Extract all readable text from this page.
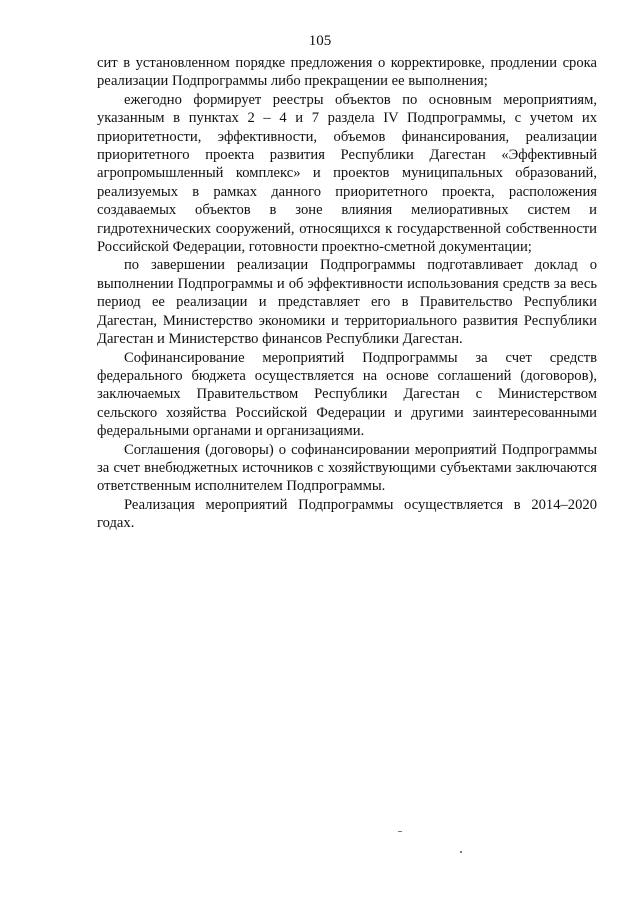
105

сит в установленном порядке предложения о корректировке, продлении срока реализации Подпрограммы либо прекращении ее выполнения;

ежегодно формирует реестры объектов по основным мероприятиям, указанным в пунктах 2 – 4 и 7 раздела IV Подпрограммы, с учетом их приоритетности, эффективности, объемов финансирования, реализации приоритетного проекта развития Республики Дагестан «Эффективный агропромышленный комплекс» и проектов муниципальных образований, реализуемых в рамках данного приоритетного проекта, расположения создаваемых объектов в зоне влияния мелиоративных систем и гидротехнических сооружений, относящихся к государственной собственности Российской Федерации, готовности проектно-сметной документации;

по завершении реализации Подпрограммы подготавливает доклад о выполнении Подпрограммы и об эффективности использования средств за весь период ее реализации и представляет его в Правительство Республики Дагестан, Министерство экономики и территориального развития Республики Дагестан и Министерство финансов Республики Дагестан.

Софинансирование мероприятий Подпрограммы за счет средств федерального бюджета осуществляется на основе соглашений (договоров), заключаемых Правительством Республики Дагестан с Министерством сельского хозяйства Российской Федерации и другими заинтересованными федеральными органами и организациями.

Соглашения (договоры) о софинансировании мероприятий Подпрограммы за счет внебюджетных источников с хозяйствующими субъектами заключаются ответственным исполнителем Подпрограммы.

Реализация мероприятий Подпрограммы осуществляется в 2014–2020 годах.
